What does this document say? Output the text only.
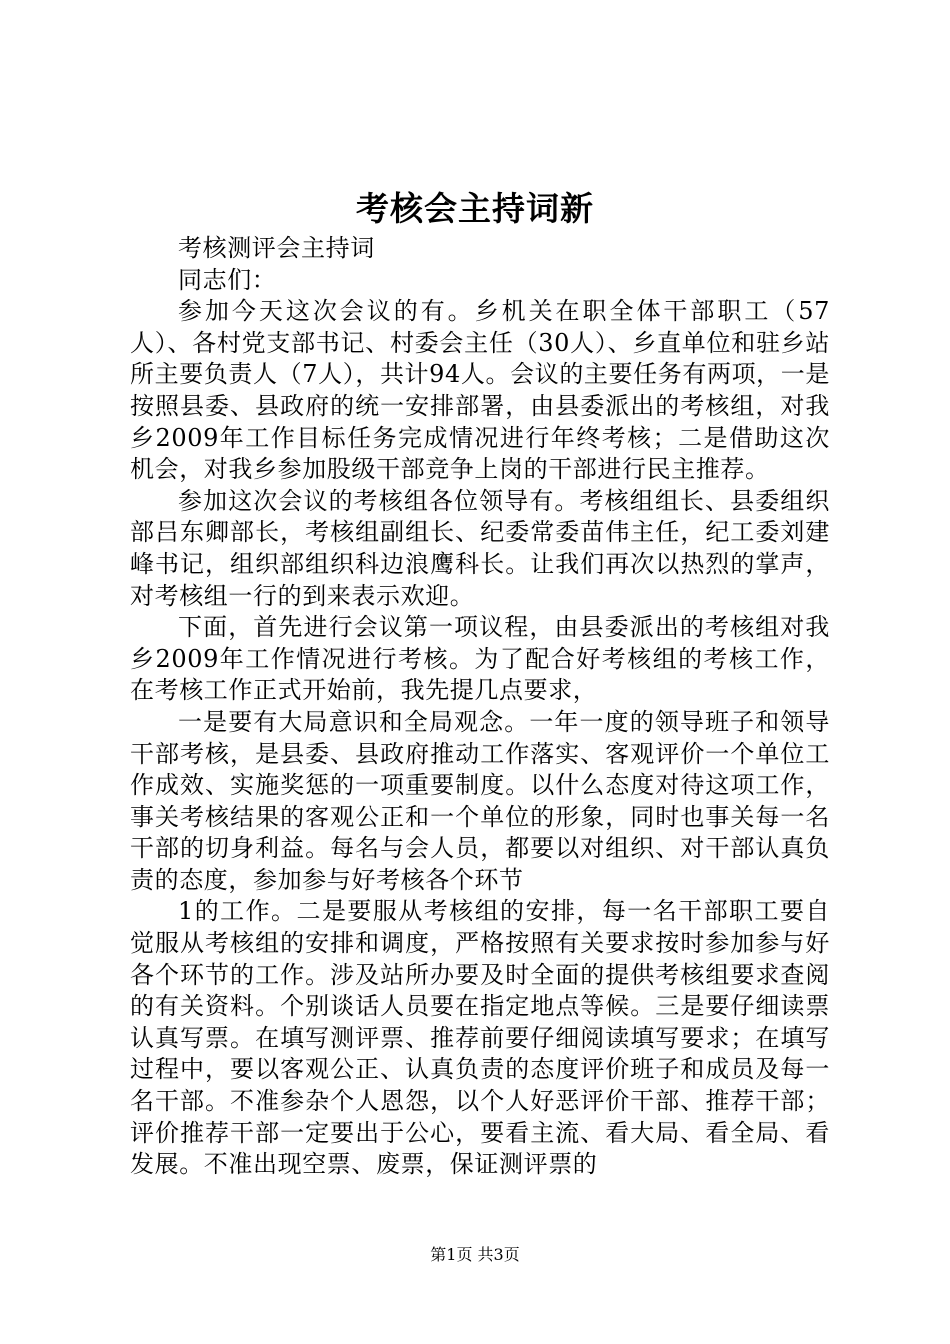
考核会主持词新

考核测评会主持词

同志们：

参加今天这次会议的有。乡机关在职全体干部职工（57人）、各村党支部书记、村委会主任（30人）、乡直单位和驻乡站所主要负责人（7人），共计94人。会议的主要任务有两项，一是按照县委、县政府的统一安排部署，由县委派出的考核组，对我乡2009年工作目标任务完成情况进行年终考核；二是借助这次机会，对我乡参加股级干部竞争上岗的干部进行民主推荐。

参加这次会议的考核组各位领导有。考核组组长、县委组织部吕东卿部长，考核组副组长、纪委常委苗伟主任，纪工委刘建峰书记，组织部组织科边浪鹰科长。让我们再次以热烈的掌声，对考核组一行的到来表示欢迎。

下面，首先进行会议第一项议程，由县委派出的考核组对我乡2009年工作情况进行考核。为了配合好考核组的考核工作，在考核工作正式开始前，我先提几点要求，

一是要有大局意识和全局观念。一年一度的领导班子和领导干部考核，是县委、县政府推动工作落实、客观评价一个单位工作成效、实施奖惩的一项重要制度。以什么态度对待这项工作，事关考核结果的客观公正和一个单位的形象，同时也事关每一名干部的切身利益。每名与会人员，都要以对组织、对干部认真负责的态度，参加参与好考核各个环节

1的工作。二是要服从考核组的安排，每一名干部职工要自觉服从考核组的安排和调度，严格按照有关要求按时参加参与好各个环节的工作。涉及站所办要及时全面的提供考核组要求查阅的有关资料。个别谈话人员要在指定地点等候。三是要仔细读票认真写票。在填写测评票、推荐前要仔细阅读填写要求；在填写过程中，要以客观公正、认真负责的态度评价班子和成员及每一名干部。不准参杂个人恩怨，以个人好恶评价干部、推荐干部；评价推荐干部一定要出于公心，要看主流、看大局、看全局、看发展。不准出现空票、废票，保证测评票的

第1页 共3页
